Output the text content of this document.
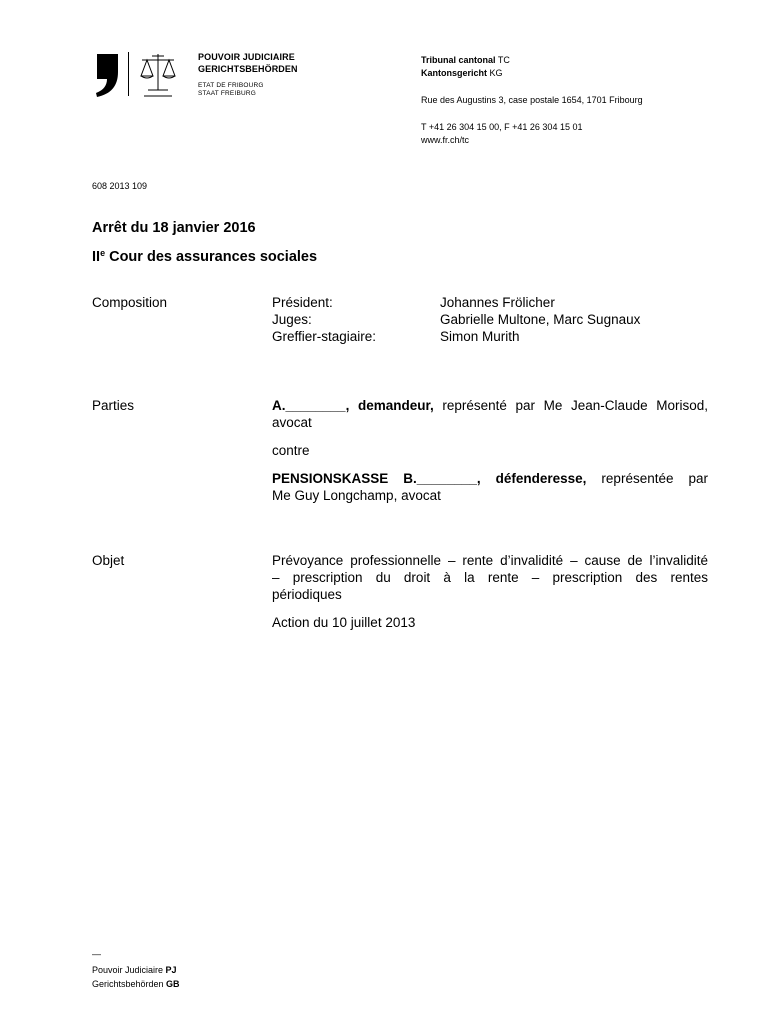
POUVOIR JUDICIAIRE
GERICHTSBEHÖRDEN
ETAT DE FRIBOURG
STAAT FREIBURG
Tribunal cantonal TC
Kantonsgericht KG
Rue des Augustins 3, case postale 1654, 1701 Fribourg
T +41 26 304 15 00, F +41 26 304 15 01
www.fr.ch/tc
608 2013 109
Arrêt du 18 janvier 2016
IIe Cour des assurances sociales
Composition	Président:	Johannes Frölicher
Juges:	Gabrielle Multone, Marc Sugnaux
Greffier-stagiaire:	Simon Murith
Parties	A.________, demandeur, représenté par Me Jean-Claude Morisod,
avocat
contre
PENSIONSKASSE B.________, défenderesse, représentée par
Me Guy Longchamp, avocat
Objet	Prévoyance professionnelle – rente d’invalidité – cause de l’invalidité
– prescription du droit à la rente – prescription des rentes
périodiques
Action du 10 juillet 2013
—
Pouvoir Judiciaire PJ
Gerichtsbehörden GB
